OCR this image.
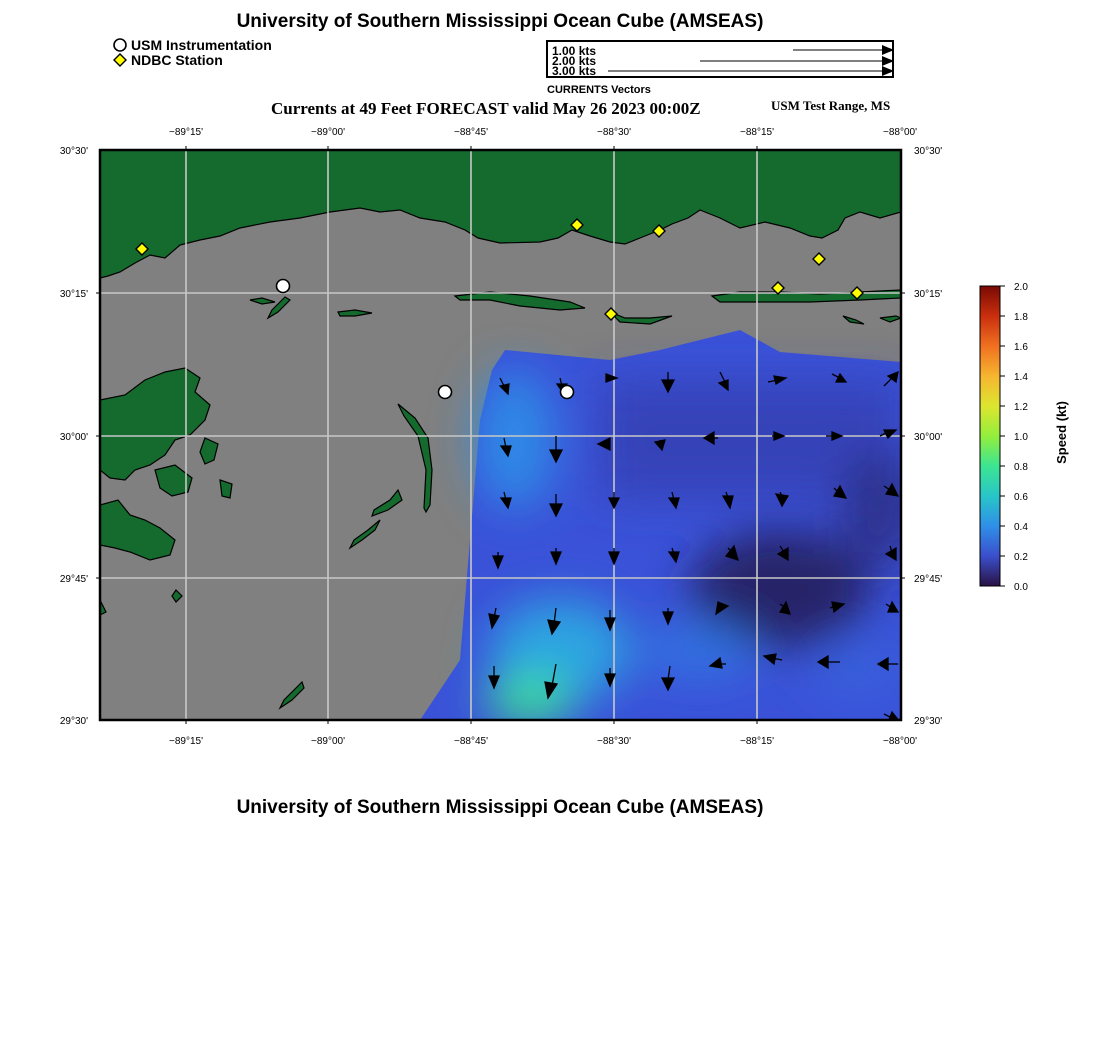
University of Southern Mississippi Ocean Cube (AMSEAS)
USM Instrumentation
NDBC Station
1.00 kts
2.00 kts
3.00 kts
CURRENTS Vectors
Currents at 49 Feet FORECAST valid May 26 2023 00:00Z	USM Test Range, MS
−89°15'	−89°00'	−88°45'	−88°30'	−88°15'	−88°00'
−89°15'	−89°00'	−88°45'	−88°30'	−88°15'	−88°00'
30°30'
30°15'
30°00'
29°45'
29°30'
30°30'
30°15'
30°00'
29°45'
29°30'
2.0
1.8
1.6
1.4
1.2
1.0
0.8
0.6
0.4
0.2
0.0
Speed (kt)
University of Southern Mississippi Ocean Cube (AMSEAS)
